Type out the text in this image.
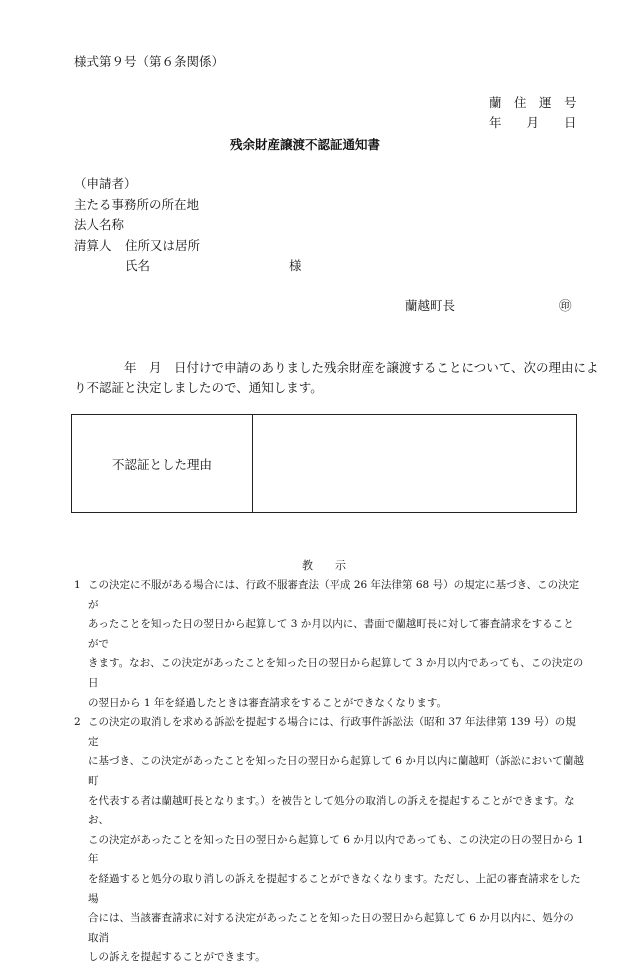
様式第９号（第６条関係）
蘭　住　運　号
年　　月　　日
残余財産譲渡不認証通知書
（申請者）
主たる事務所の所在地
法人名称
清算人 住所又は居所
氏名	様
蘭越町長	㊞
年　月　日付けで申請のありました残余財産を譲渡することについて、次の理由によ
り不認証と決定しましたので、通知します。
不認証とした理由
教　　示
1 この決定に不服がある場合には、行政不服審査法（平成 26 年法律第 68 号）の規定に基づき、この決定が
あったことを知った日の翌日から起算して 3 か月以内に、書面で蘭越町長に対して審査請求をすることがで
きます。なお、この決定があったことを知った日の翌日から起算して 3 か月以内であっても、この決定の日
の翌日から 1 年を経過したときは審査請求をすることができなくなります。
2 この決定の取消しを求める訴訟を提起する場合には、行政事件訴訟法（昭和 37 年法律第 139 号）の規定
に基づき、この決定があったことを知った日の翌日から起算して 6 か月以内に蘭越町（訴訟において蘭越町
を代表する者は蘭越町長となります。）を被告として処分の取消しの訴えを提起することができます。なお、
この決定があったことを知った日の翌日から起算して 6 か月以内であっても、この決定の日の翌日から 1 年
を経過すると処分の取り消しの訴えを提起することができなくなります。ただし、上記の審査請求をした場
合には、当該審査請求に対する決定があったことを知った日の翌日から起算して 6 か月以内に、処分の取消
しの訴えを提起することができます。
